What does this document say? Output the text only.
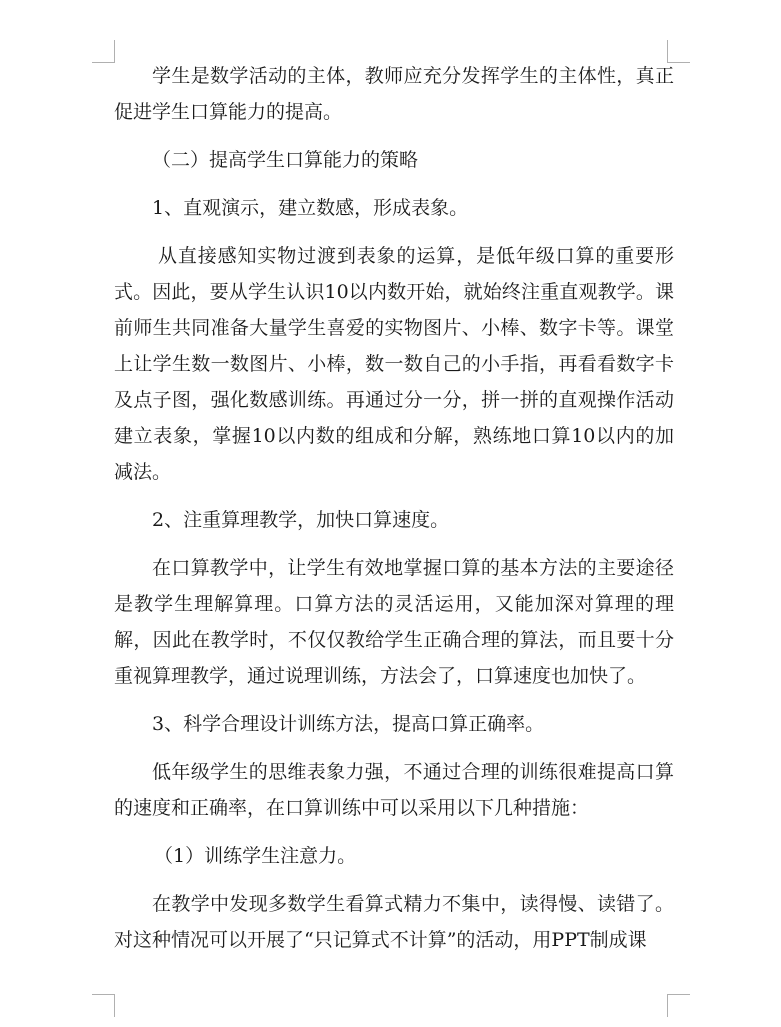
学生是数学活动的主体，教师应充分发挥学生的主体性，真正促进学生口算能力的提高。

（二）提高学生口算能力的策略

1、直观演示，建立数感，形成表象。

从直接感知实物过渡到表象的运算，是低年级口算的重要形式。因此，要从学生认识10以内数开始，就始终注重直观教学。课前师生共同准备大量学生喜爱的实物图片、小棒、数字卡等。课堂上让学生数一数图片、小棒，数一数自己的小手指，再看看数字卡及点子图，强化数感训练。再通过分一分，拼一拼的直观操作活动建立表象，掌握10以内数的组成和分解，熟练地口算10以内的加减法。

2、注重算理教学，加快口算速度。

在口算教学中，让学生有效地掌握口算的基本方法的主要途径是教学生理解算理。口算方法的灵活运用，又能加深对算理的理解，因此在教学时，不仅仅教给学生正确合理的算法，而且要十分重视算理教学，通过说理训练，方法会了，口算速度也加快了。

3、科学合理设计训练方法，提高口算正确率。

低年级学生的思维表象力强，不通过合理的训练很难提高口算的速度和正确率，在口算训练中可以采用以下几种措施：

（1）训练学生注意力。

在教学中发现多数学生看算式精力不集中，读得慢、读错了。对这种情况可以开展了“只记算式不计算”的活动，用PPT制成课
